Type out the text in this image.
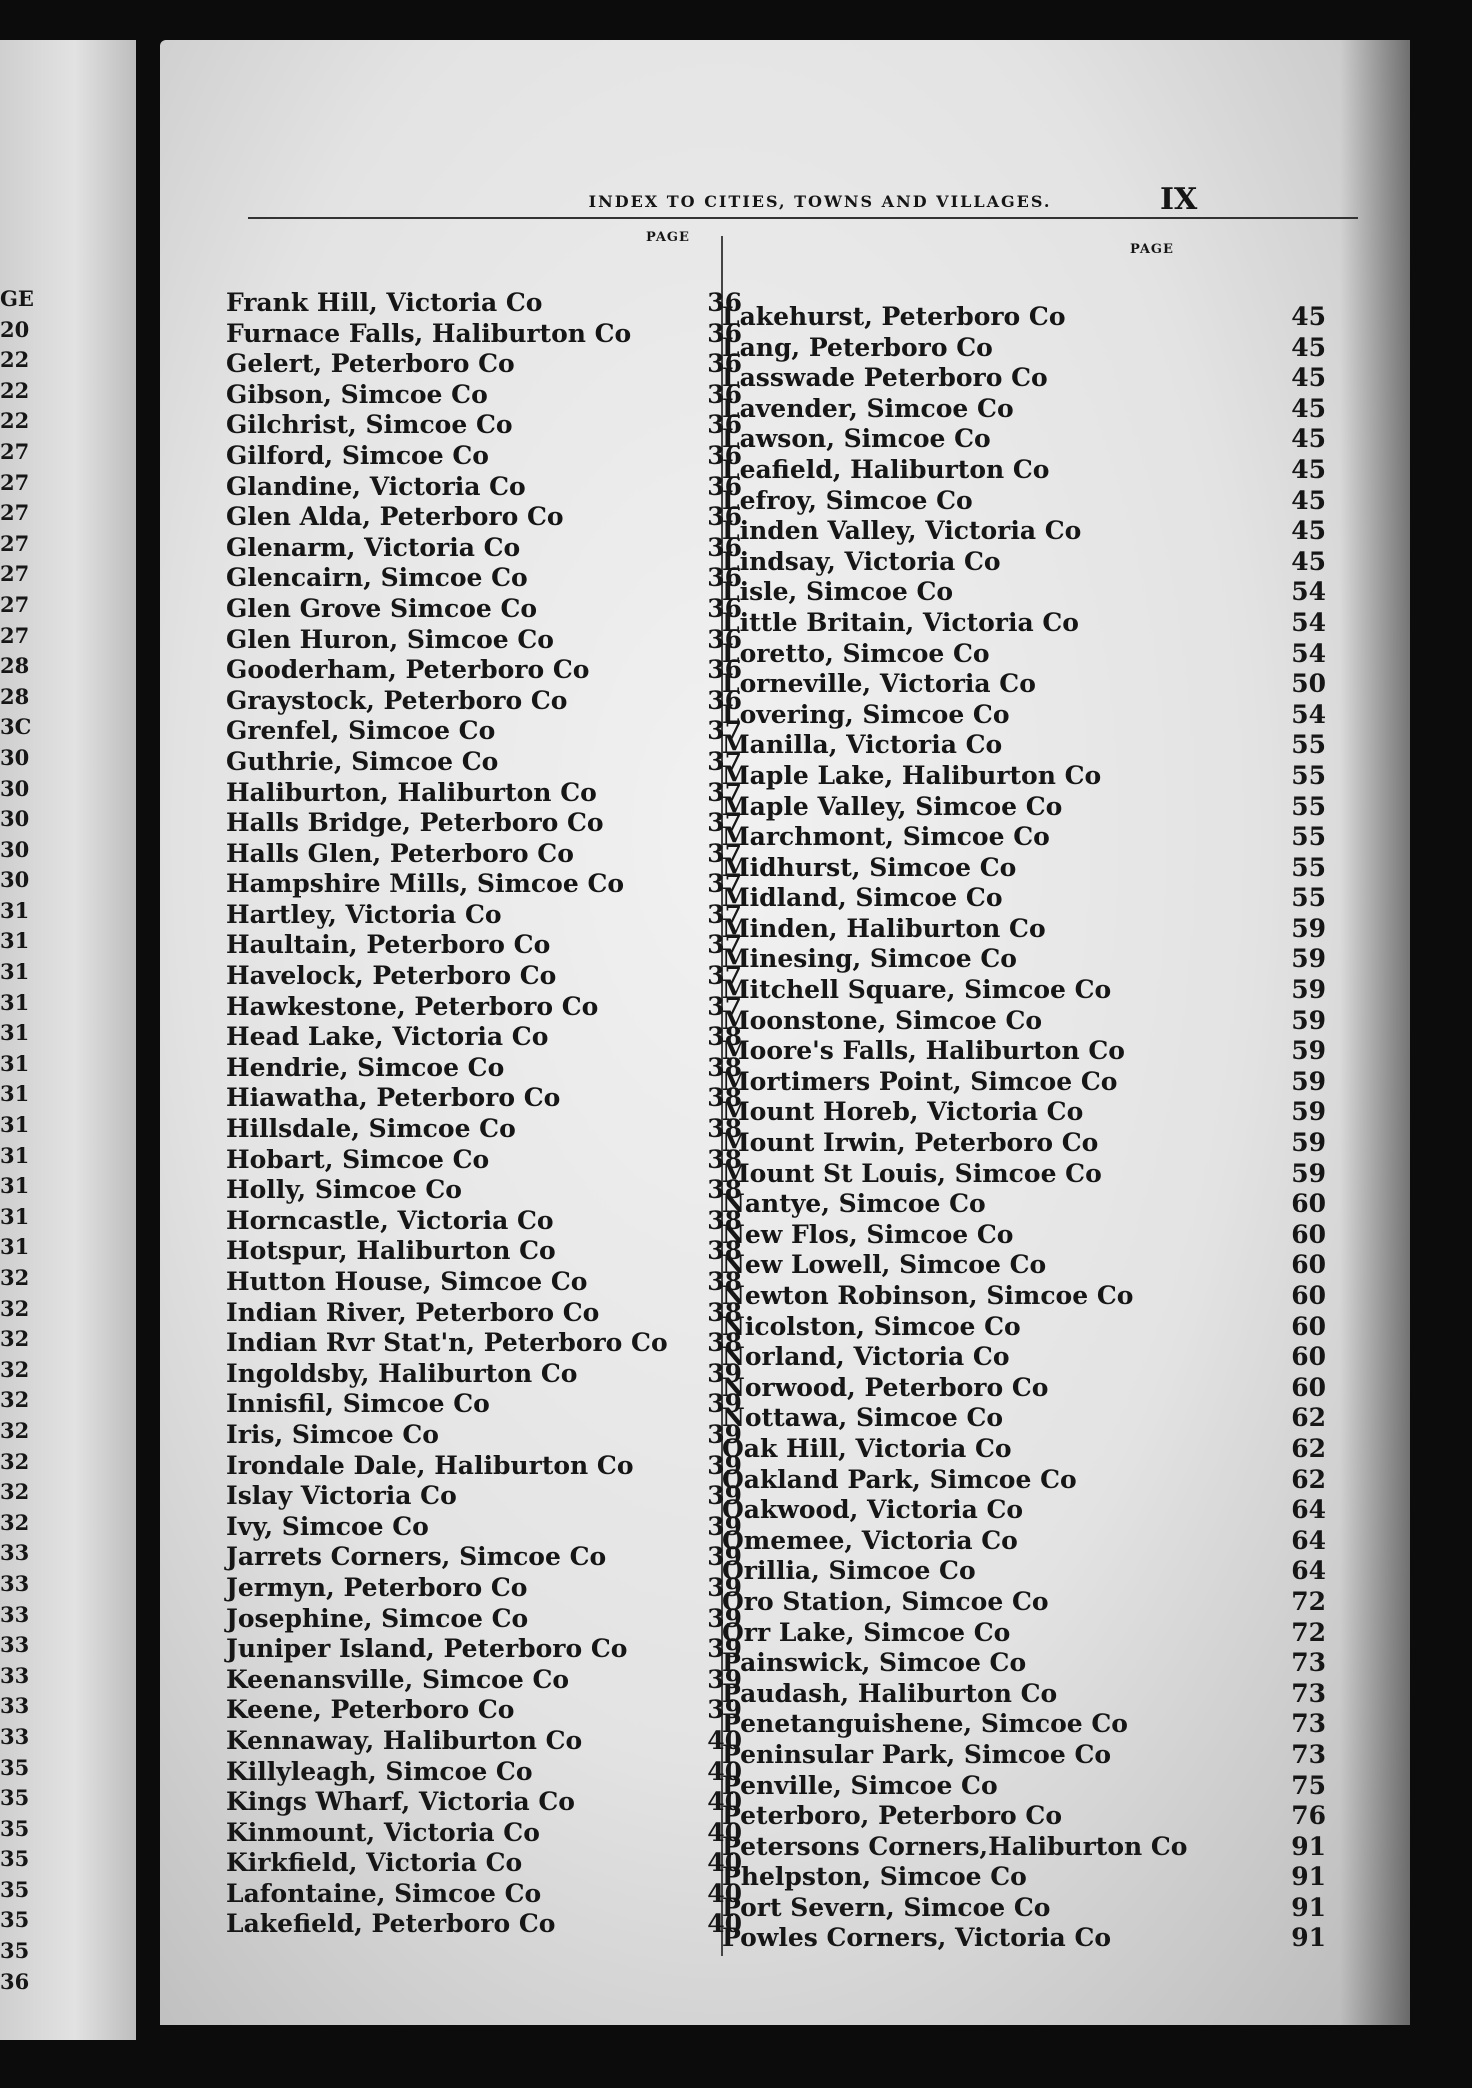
GE
20
22
22
22
27
27
27
27
27
27
27
28
28
3C
30
30
30
30
30
31
31
31
31
31
31
31
31
31
31
31
31
32
32
32
32
32
32
32
32
32
33
33
33
33
33
33
33
35
35
35
35
35
35
35
36
INDEX TO CITIES, TOWNS AND VILLAGES.	IX
PAGE
PAGE
Frank Hill, Victoria Co	36
Furnace Falls, Haliburton Co	36
Gelert, Peterboro Co	36
Gibson, Simcoe Co	36
Gilchrist, Simcoe Co	36
Gilford, Simcoe Co	36
Glandine, Victoria Co	36
Glen Alda, Peterboro Co	36
Glenarm, Victoria Co	36
Glencairn, Simcoe Co	36
Glen Grove Simcoe Co	36
Glen Huron, Simcoe Co	36
Gooderham, Peterboro Co	36
Graystock, Peterboro Co	36
Grenfel, Simcoe Co	37
Guthrie, Simcoe Co	37
Haliburton, Haliburton Co	37
Halls Bridge, Peterboro Co	37
Halls Glen, Peterboro Co	37
Hampshire Mills, Simcoe Co	37
Hartley, Victoria Co	37
Haultain, Peterboro Co	37
Havelock, Peterboro Co	37
Hawkestone, Peterboro Co	37
Head Lake, Victoria Co	38
Hendrie, Simcoe Co	38
Hiawatha, Peterboro Co	38
Hillsdale, Simcoe Co	38
Hobart, Simcoe Co	38
Holly, Simcoe Co	38
Horncastle, Victoria Co	38
Hotspur, Haliburton Co	38
Hutton House, Simcoe Co	38
Indian River, Peterboro Co	38
Indian Rvr Stat'n, Peterboro Co	38
Ingoldsby, Haliburton Co	39
Innisfil, Simcoe Co	39
Iris, Simcoe Co	39
Irondale Dale, Haliburton Co	39
Islay Victoria Co	39
Ivy, Simcoe Co	39
Jarrets Corners, Simcoe Co	39
Jermyn, Peterboro Co	39
Josephine, Simcoe Co	39
Juniper Island, Peterboro Co	39
Keenansville, Simcoe Co	39
Keene, Peterboro Co	39
Kennaway, Haliburton Co	40
Killyleagh, Simcoe Co	40
Kings Wharf, Victoria Co	40
Kinmount, Victoria Co	40
Kirkfield, Victoria Co	40
Lafontaine, Simcoe Co	40
Lakefield, Peterboro Co	40
Lakehurst, Peterboro Co	45
Lang, Peterboro Co	45
Lasswade Peterboro Co	45
Lavender, Simcoe Co	45
Lawson, Simcoe Co	45
Leafield, Haliburton Co	45
Lefroy, Simcoe Co	45
Linden Valley, Victoria Co	45
Lindsay, Victoria Co	45
Lisle, Simcoe Co	54
Little Britain, Victoria Co	54
Loretto, Simcoe Co	54
Lorneville, Victoria Co	50
Lovering, Simcoe Co	54
Manilla, Victoria Co	55
Maple Lake, Haliburton Co	55
Maple Valley, Simcoe Co	55
Marchmont, Simcoe Co	55
Midhurst, Simcoe Co	55
Midland, Simcoe Co	55
Minden, Haliburton Co	59
Minesing, Simcoe Co	59
Mitchell Square, Simcoe Co	59
Moonstone, Simcoe Co	59
Moore's Falls, Haliburton Co	59
Mortimers Point, Simcoe Co	59
Mount Horeb, Victoria Co	59
Mount Irwin, Peterboro Co	59
Mount St Louis, Simcoe Co	59
Nantye, Simcoe Co	60
New Flos, Simcoe Co	60
New Lowell, Simcoe Co	60
Newton Robinson, Simcoe Co	60
Nicolston, Simcoe Co	60
Norland, Victoria Co	60
Norwood, Peterboro Co	60
Nottawa, Simcoe Co	62
Oak Hill, Victoria Co	62
Oakland Park, Simcoe Co	62
Oakwood, Victoria Co	64
Omemee, Victoria Co	64
Orillia, Simcoe Co	64
Oro Station, Simcoe Co	72
Orr Lake, Simcoe Co	72
Painswick, Simcoe Co	73
Paudash, Haliburton Co	73
Penetanguishene, Simcoe Co	73
Peninsular Park, Simcoe Co	73
Penville, Simcoe Co	75
Peterboro, Peterboro Co	76
Petersons Corners,Haliburton Co	91
Phelpston, Simcoe Co	91
Port Severn, Simcoe Co	91
Powles Corners, Victoria Co	91
